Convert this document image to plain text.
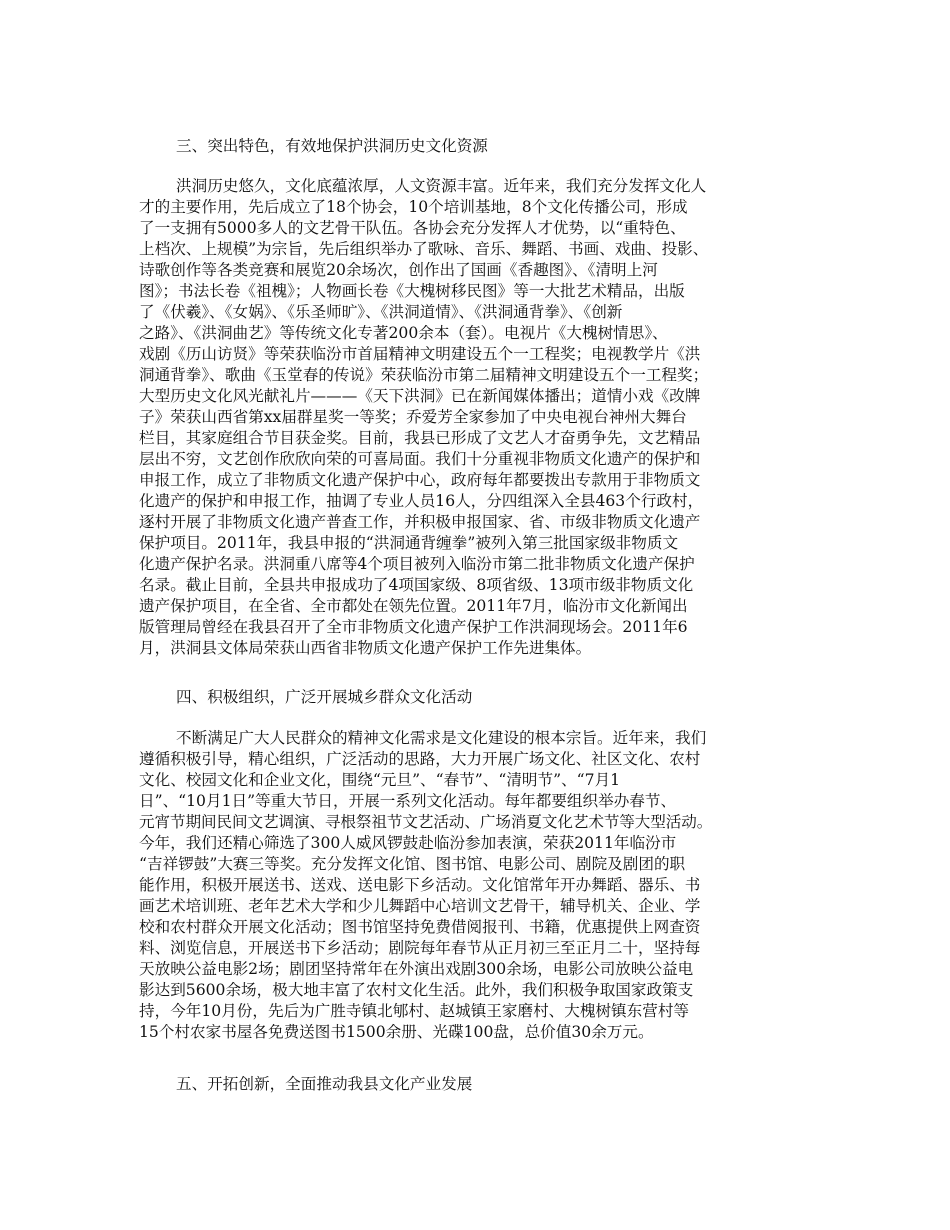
三、突出特色，有效地保护洪洞历史文化资源
洪洞历史悠久，文化底蕴浓厚，人文资源丰富。近年来，我们充分发挥文化人
才的主要作用，先后成立了18个协会，10个培训基地，8个文化传播公司，形成
了一支拥有5000多人的文艺骨干队伍。各协会充分发挥人才优势，以“重特色、
上档次、上规模”为宗旨，先后组织举办了歌咏、音乐、舞蹈、书画、戏曲、投影、
诗歌创作等各类竞赛和展览20余场次，创作出了国画《香趣图》、《清明上河
图》；书法长卷《祖槐》；人物画长卷《大槐树移民图》等一大批艺术精品，出版
了《伏羲》、《女娲》、《乐圣师旷》、《洪洞道情》、《洪洞通背拳》、《创新
之路》、《洪洞曲艺》等传统文化专著200余本（套）。电视片《大槐树情思》、
戏剧《历山访贤》等荣获临汾市首届精神文明建设五个一工程奖；电视教学片《洪
洞通背拳》、歌曲《玉堂春的传说》荣获临汾市第二届精神文明建设五个一工程奖；
大型历史文化风光献礼片———《天下洪洞》已在新闻媒体播出；道情小戏《改牌
子》荣获山西省第xx届群星奖一等奖；乔爱芳全家参加了中央电视台神州大舞台
栏目，其家庭组合节目获金奖。目前，我县已形成了文艺人才奋勇争先，文艺精品
层出不穷，文艺创作欣欣向荣的可喜局面。我们十分重视非物质文化遗产的保护和
申报工作，成立了非物质文化遗产保护中心，政府每年都要拨出专款用于非物质文
化遗产的保护和申报工作，抽调了专业人员16人，分四组深入全县463个行政村，
逐村开展了非物质文化遗产普查工作，并积极申报国家、省、市级非物质文化遗产
保护项目。2011年，我县申报的“洪洞通背缠拳”被列入第三批国家级非物质文
化遗产保护名录。洪洞重八席等4个项目被列入临汾市第二批非物质文化遗产保护
名录。截止目前，全县共申报成功了4项国家级、8项省级、13项市级非物质文化
遗产保护项目，在全省、全市都处在领先位置。2011年7月，临汾市文化新闻出
版管理局曾经在我县召开了全市非物质文化遗产保护工作洪洞现场会。2011年6
月，洪洞县文体局荣获山西省非物质文化遗产保护工作先进集体。
四、积极组织，广泛开展城乡群众文化活动
不断满足广大人民群众的精神文化需求是文化建设的根本宗旨。近年来，我们
遵循积极引导，精心组织，广泛活动的思路，大力开展广场文化、社区文化、农村
文化、校园文化和企业文化，围绕“元旦”、“春节”、“清明节”、“7月1
日”、“10月1日”等重大节日，开展一系列文化活动。每年都要组织举办春节、
元宵节期间民间文艺调演、寻根祭祖节文艺活动、广场消夏文化艺术节等大型活动。
今年，我们还精心筛选了300人威风锣鼓赴临汾参加表演，荣获2011年临汾市
“吉祥锣鼓”大赛三等奖。充分发挥文化馆、图书馆、电影公司、剧院及剧团的职
能作用，积极开展送书、送戏、送电影下乡活动。文化馆常年开办舞蹈、器乐、书
画艺术培训班、老年艺术大学和少儿舞蹈中心培训文艺骨干，辅导机关、企业、学
校和农村群众开展文化活动；图书馆坚持免费借阅报刊、书籍，优惠提供上网查资
料、浏览信息，开展送书下乡活动；剧院每年春节从正月初三至正月二十，坚持每
天放映公益电影2场；剧团坚持常年在外演出戏剧300余场，电影公司放映公益电
影达到5600余场，极大地丰富了农村文化生活。此外，我们积极争取国家政策支
持，今年10月份，先后为广胜寺镇北郇村、赵城镇王家磨村、大槐树镇东营村等
15个村农家书屋各免费送图书1500余册、光碟100盘，总价值30余万元。
五、开拓创新，全面推动我县文化产业发展
